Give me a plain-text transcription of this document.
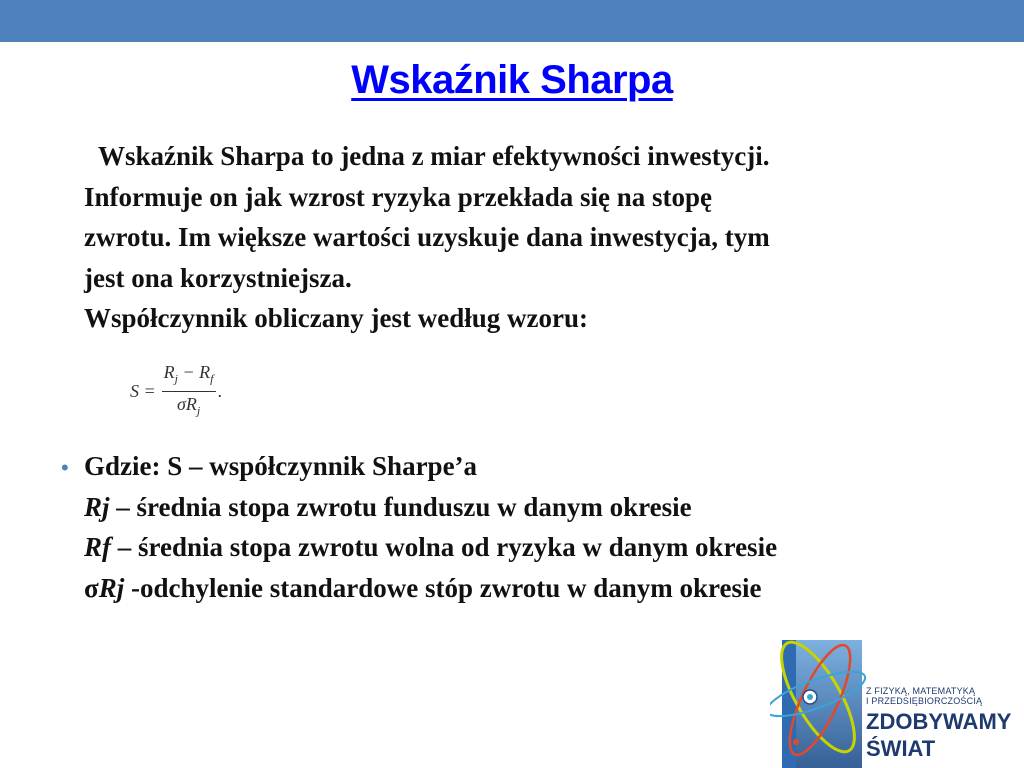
Wskaźnik Sharpa
Wskaźnik Sharpa to jedna z miar efektywności inwestycji.
Informuje on jak wzrost ryzyka przekłada się na stopę
zwrotu. Im większe wartości uzyskuje dana inwestycja, tym
jest ona korzystniejsza.
Współczynnik obliczany jest według wzoru:
$S = \frac{R_j - R_f}{\sigma R_j}$ .
• Gdzie: S – współczynnik Sharpe’a
Rj – średnia stopa zwrotu funduszu w danym okresie
Rf – średnia stopa zwrotu wolna od ryzyka w danym okresie
σRj -odchylenie standardowe stóp zwrotu w danym okresie
Z FIZYKĄ, MATEMATYKĄ
I PRZEDSIĘBIORCZOŚCIĄ
ZDOBYWAMY
ŚWIAT
